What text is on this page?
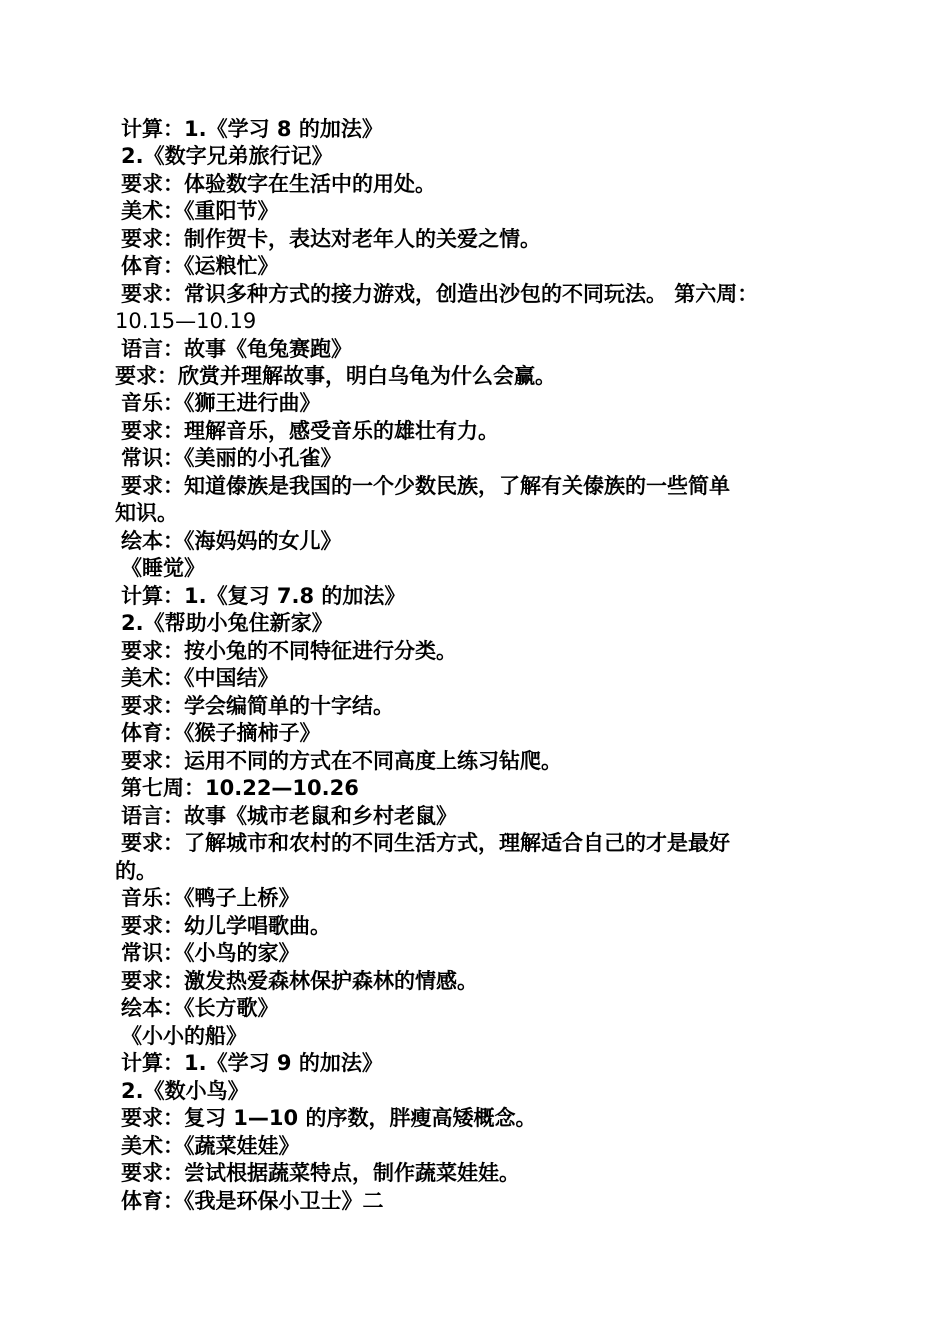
计算：1.《学习 8 的加法》
2.《数字兄弟旅行记》
要求：体验数字在生活中的用处。
美术：《重阳节》
要求：制作贺卡，表达对老年人的关爱之情。
体育：《运粮忙》
要求：常识多种方式的接力游戏，创造出沙包的不同玩法。 第六周：
10.15—10.19
语言：故事《龟兔赛跑》
要求：欣赏并理解故事，明白乌龟为什么会赢。
音乐：《狮王进行曲》
要求：理解音乐，感受音乐的雄壮有力。
常识：《美丽的小孔雀》
要求：知道傣族是我国的一个少数民族，了解有关傣族的一些简单
知识。
绘本：《海妈妈的女儿》
《睡觉》
计算：1.《复习 7.8 的加法》
2.《帮助小兔住新家》
要求：按小兔的不同特征进行分类。
美术：《中国结》
要求：学会编简单的十字结。
体育：《猴子摘柿子》
要求：运用不同的方式在不同高度上练习钻爬。
第七周：10.22—10.26
语言：故事《城市老鼠和乡村老鼠》
要求：了解城市和农村的不同生活方式，理解适合自己的才是最好
的。
音乐：《鸭子上桥》
要求：幼儿学唱歌曲。
常识：《小鸟的家》
要求：激发热爱森林保护森林的情感。
绘本：《长方歌》
《小小的船》
计算：1.《学习 9 的加法》
2.《数小鸟》
要求：复习 1—10 的序数，胖瘦高矮概念。
美术：《蔬菜娃娃》
要求：尝试根据蔬菜特点，制作蔬菜娃娃。
体育：《我是环保小卫士》二
